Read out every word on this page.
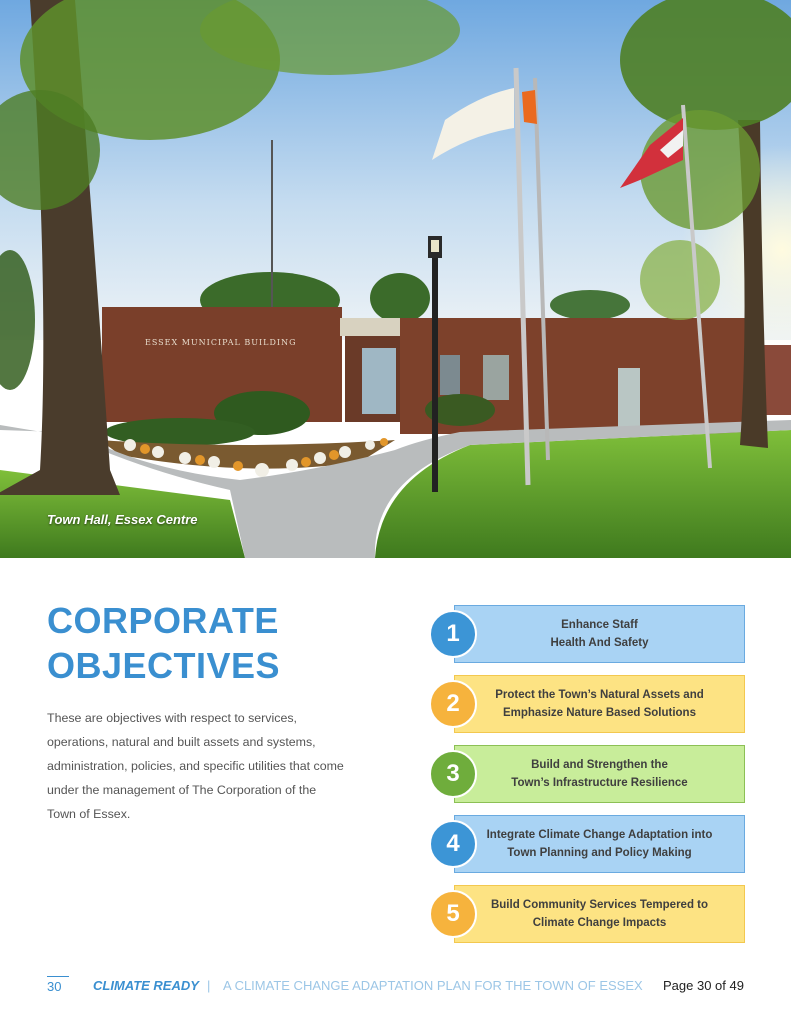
ESSEX MUNICIPAL BUILDING
Town Hall, Essex Centre
CORPORATE
OBJECTIVES

These are objectives with respect to services, operations, natural and built assets and systems, administration, policies, and specific utilities that come under the management of The Corporation of the Town of Essex.

Enhance Staff
Health And Safety
1
Protect the Town’s Natural Assets and
Emphasize Nature Based Solutions
2
Build and Strengthen the
Town’s Infrastructure Resilience
3
Integrate Climate Change Adaptation into
Town Planning and Policy Making
4
Build Community Services Tempered to
Climate Change Impacts
5
30	CLIMATE READY | A CLIMATE CHANGE ADAPTATION PLAN FOR THE TOWN OF ESSEX	Page 30 of 49
